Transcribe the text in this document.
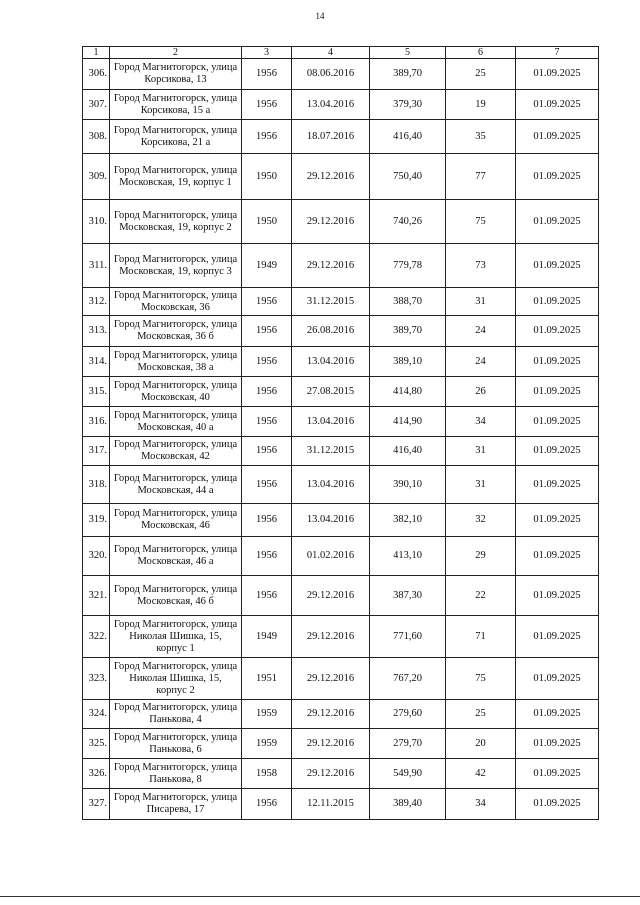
14
1	2	3	4	5	6	7
306.	Город Магнитогорск, улица Корсикова, 13	1956	08.06.2016	389,70	25	01.09.2025
307.	Город Магнитогорск, улица Корсикова, 15 а	1956	13.04.2016	379,30	19	01.09.2025
308.	Город Магнитогорск, улица Корсикова, 21 а	1956	18.07.2016	416,40	35	01.09.2025
309.	Город Магнитогорск, улица Московская, 19, корпус 1	1950	29.12.2016	750,40	77	01.09.2025
310.	Город Магнитогорск, улица Московская, 19, корпус 2	1950	29.12.2016	740,26	75	01.09.2025
311.	Город Магнитогорск, улица Московская, 19, корпус 3	1949	29.12.2016	779,78	73	01.09.2025
312.	Город Магнитогорск, улица Московская, 36	1956	31.12.2015	388,70	31	01.09.2025
313.	Город Магнитогорск, улица Московская, 36 б	1956	26.08.2016	389,70	24	01.09.2025
314.	Город Магнитогорск, улица Московская, 38 а	1956	13.04.2016	389,10	24	01.09.2025
315.	Город Магнитогорск, улица Московская, 40	1956	27.08.2015	414,80	26	01.09.2025
316.	Город Магнитогорск, улица Московская, 40 а	1956	13.04.2016	414,90	34	01.09.2025
317.	Город Магнитогорск, улица Московская, 42	1956	31.12.2015	416,40	31	01.09.2025
318.	Город Магнитогорск, улица Московская, 44 а	1956	13.04.2016	390,10	31	01.09.2025
319.	Город Магнитогорск, улица Московская, 46	1956	13.04.2016	382,10	32	01.09.2025
320.	Город Магнитогорск, улица Московская, 46 а	1956	01.02.2016	413,10	29	01.09.2025
321.	Город Магнитогорск, улица Московская, 46 б	1956	29.12.2016	387,30	22	01.09.2025
322.	Город Магнитогорск, улица Николая Шишка, 15, корпус 1	1949	29.12.2016	771,60	71	01.09.2025
323.	Город Магнитогорск, улица Николая Шишка, 15, корпус 2	1951	29.12.2016	767,20	75	01.09.2025
324.	Город Магнитогорск, улица Панькова, 4	1959	29.12.2016	279,60	25	01.09.2025
325.	Город Магнитогорск, улица Панькова, 6	1959	29.12.2016	279,70	20	01.09.2025
326.	Город Магнитогорск, улица Панькова, 8	1958	29.12.2016	549,90	42	01.09.2025
327.	Город Магнитогорск, улица Писарева, 17	1956	12.11.2015	389,40	34	01.09.2025
